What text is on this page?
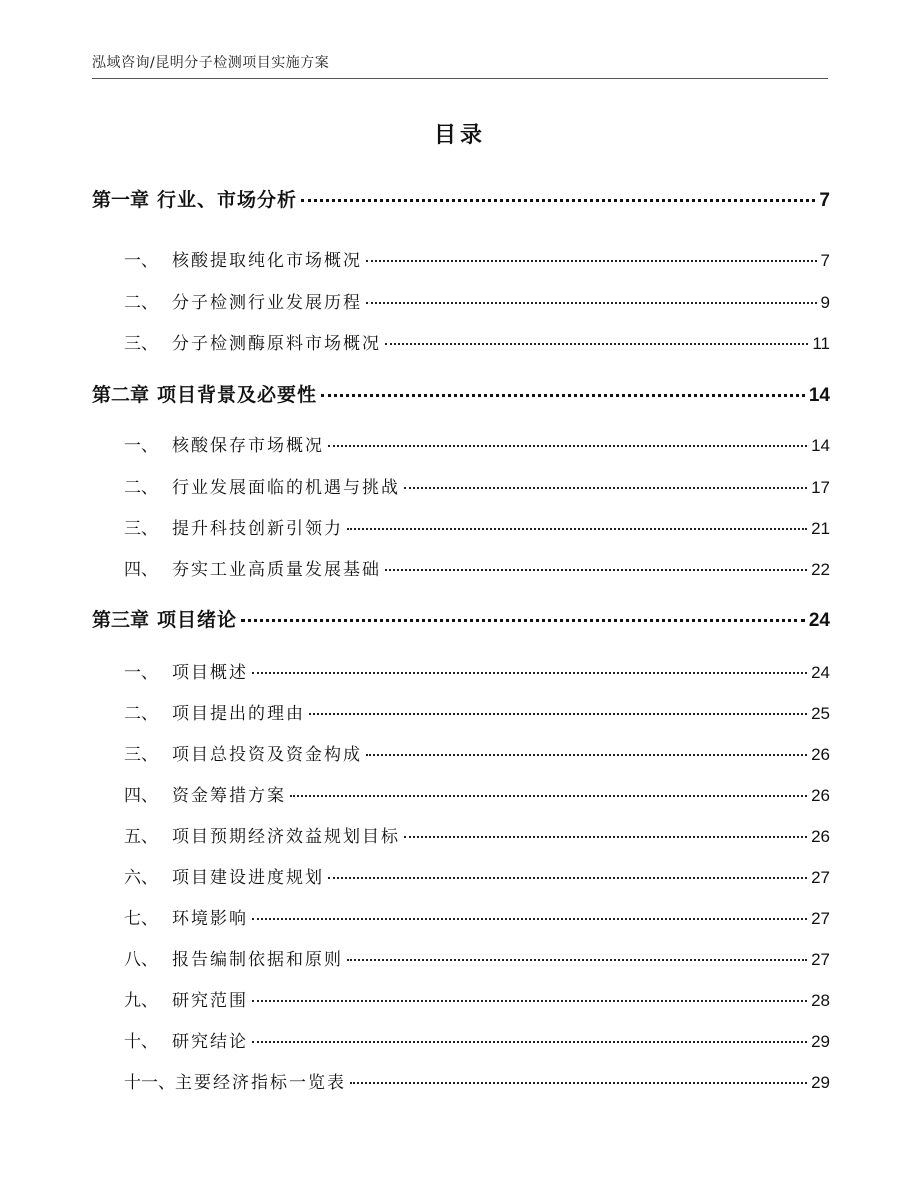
泓域咨询/昆明分子检测项目实施方案
目录
第一章 行业、市场分析	7
一、 核酸提取纯化市场概况	7
二、 分子检测行业发展历程	9
三、 分子检测酶原料市场概况	11
第二章 项目背景及必要性	14
一、 核酸保存市场概况	14
二、 行业发展面临的机遇与挑战	17
三、 提升科技创新引领力	21
四、 夯实工业高质量发展基础	22
第三章 项目绪论	24
一、 项目概述	24
二、 项目提出的理由	25
三、 项目总投资及资金构成	26
四、 资金筹措方案	26
五、 项目预期经济效益规划目标	26
六、 项目建设进度规划	27
七、 环境影响	27
八、 报告编制依据和原则	27
九、 研究范围	28
十、 研究结论	29
十一、 主要经济指标一览表	29
